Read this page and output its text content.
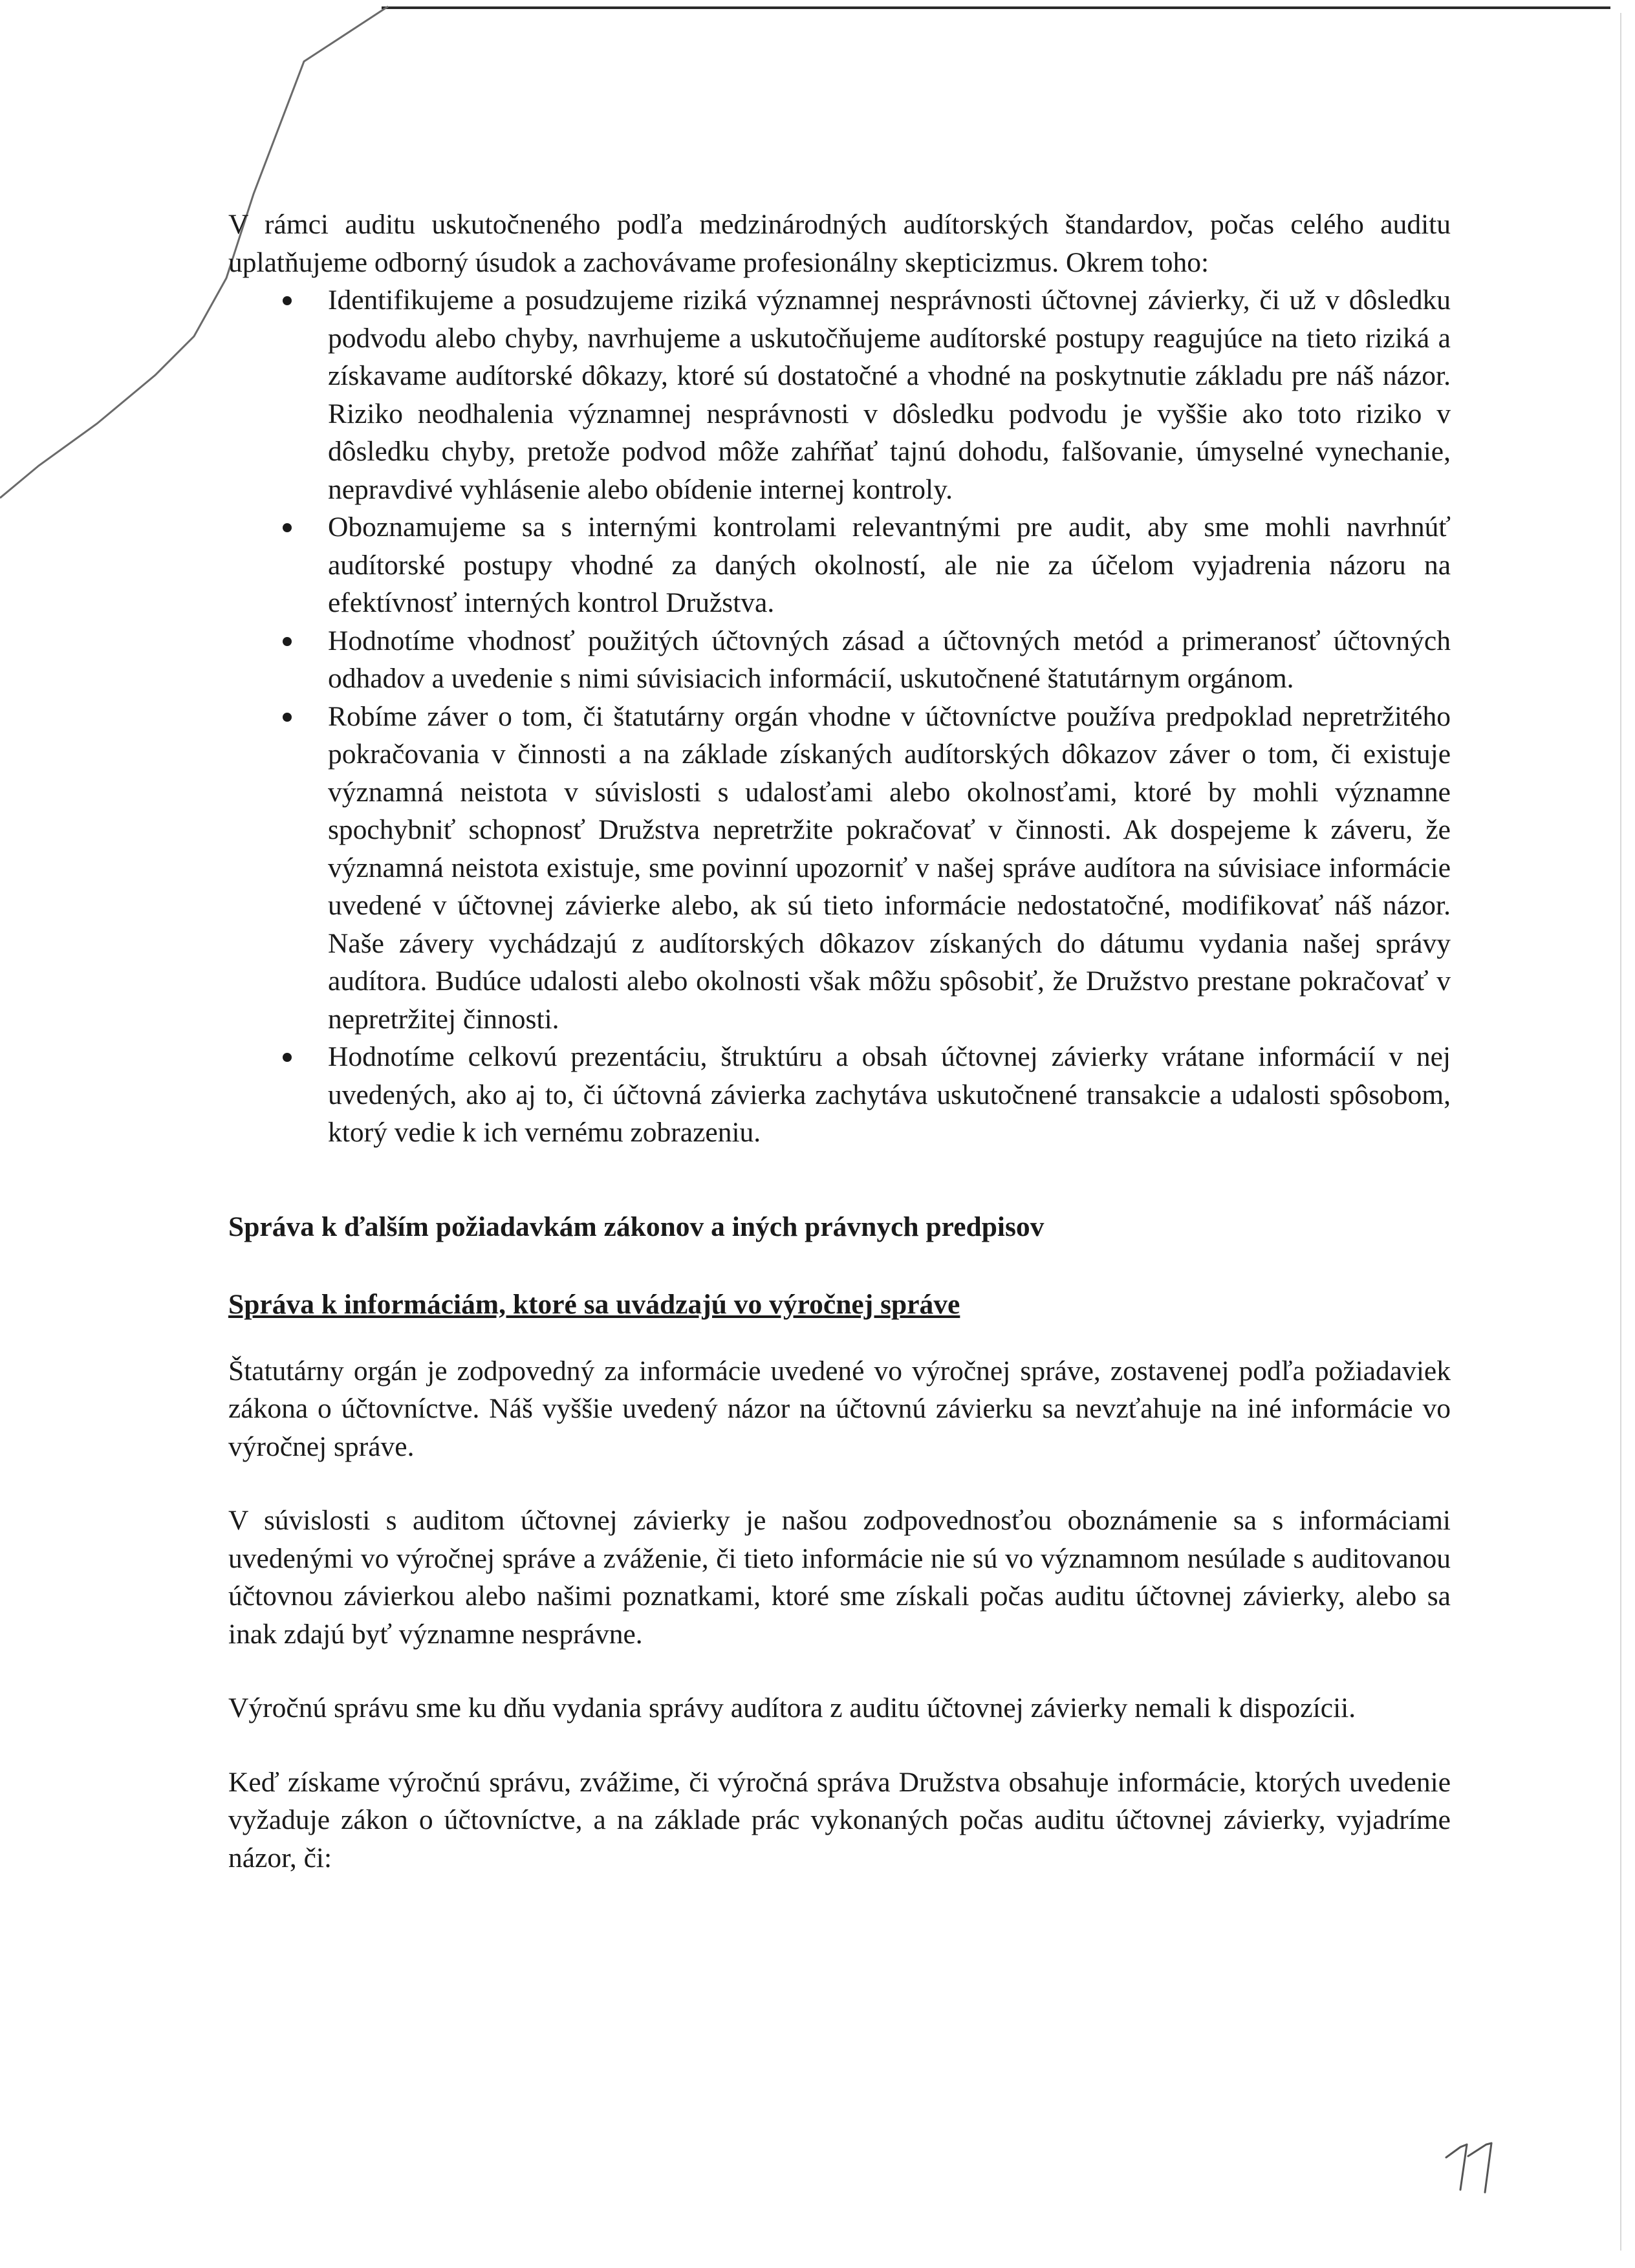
V rámci auditu uskutočneného podľa medzinárodných audítorských štandardov, počas celého auditu uplatňujeme odborný úsudok a zachovávame profesionálny skepticizmus. Okrem toho:

Identifikujeme a posudzujeme riziká významnej nesprávnosti účtovnej závierky, či už v dôsledku podvodu alebo chyby, navrhujeme a uskutočňujeme audítorské postupy reagujúce na tieto riziká a získavame audítorské dôkazy, ktoré sú dostatočné a vhodné na poskytnutie základu pre náš názor. Riziko neodhalenia významnej nesprávnosti v dôsledku podvodu je vyššie ako toto riziko v dôsledku chyby, pretože podvod môže zahŕňať tajnú dohodu, falšovanie, úmyselné vynechanie, nepravdivé vyhlásenie alebo obídenie internej kontroly.
Oboznamujeme sa s internými kontrolami relevantnými pre audit, aby sme mohli navrhnúť audítorské postupy vhodné za daných okolností, ale nie za účelom vyjadrenia názoru na efektívnosť interných kontrol Družstva.
Hodnotíme vhodnosť použitých účtovných zásad a účtovných metód a primeranosť účtovných odhadov a uvedenie s nimi súvisiacich informácií, uskutočnené štatutárnym orgánom.
Robíme záver o tom, či štatutárny orgán vhodne v účtovníctve používa predpoklad nepretržitého pokračovania v činnosti a na základe získaných audítorských dôkazov záver o tom, či existuje významná neistota v súvislosti s udalosťami alebo okolnosťami, ktoré by mohli významne spochybniť schopnosť Družstva nepretržite pokračovať v činnosti. Ak dospejeme k záveru, že významná neistota existuje, sme povinní upozorniť v našej správe audítora na súvisiace informácie uvedené v účtovnej závierke alebo, ak sú tieto informácie nedostatočné, modifikovať náš názor. Naše závery vychádzajú z audítorských dôkazov získaných do dátumu vydania našej správy audítora. Budúce udalosti alebo okolnosti však môžu spôsobiť, že Družstvo prestane pokračovať v nepretržitej činnosti.
Hodnotíme celkovú prezentáciu, štruktúru a obsah účtovnej závierky vrátane informácií v nej uvedených, ako aj to, či účtovná závierka zachytáva uskutočnené transakcie a udalosti spôsobom, ktorý vedie k ich vernému zobrazeniu.

Správa k ďalším požiadavkám zákonov a iných právnych predpisov

Správa k informáciám, ktoré sa uvádzajú vo výročnej správe

Štatutárny orgán je zodpovedný za informácie uvedené vo výročnej správe, zostavenej podľa požiadaviek zákona o účtovníctve. Náš vyššie uvedený názor na účtovnú závierku sa nevzťahuje na iné informácie vo výročnej správe.

V súvislosti s auditom účtovnej závierky je našou zodpovednosťou oboznámenie sa s informáciami uvedenými vo výročnej správe a zváženie, či tieto informácie nie sú vo významnom nesúlade s auditovanou účtovnou závierkou alebo našimi poznatkami, ktoré sme získali počas auditu účtovnej závierky, alebo sa inak zdajú byť významne nesprávne.

Výročnú správu sme ku dňu vydania správy audítora z auditu účtovnej závierky nemali k dispozícii.

Keď získame výročnú správu, zvážime, či výročná správa Družstva obsahuje informácie, ktorých uvedenie vyžaduje zákon o účtovníctve, a na základe prác vykonaných počas auditu účtovnej závierky, vyjadríme názor, či:
